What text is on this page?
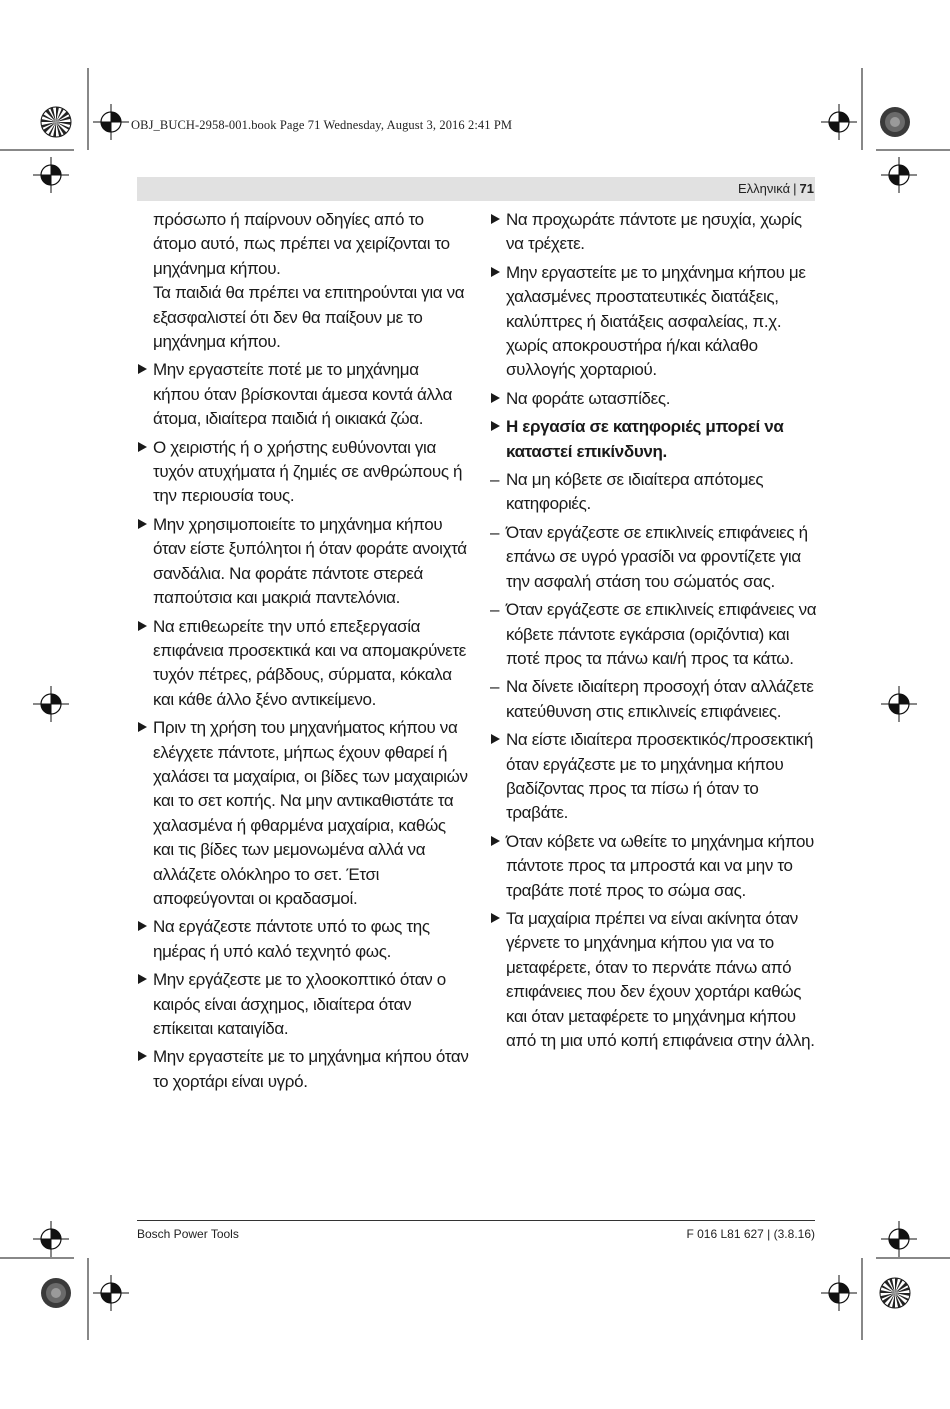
OBJ_BUCH-2958-001.book Page 71 Wednesday, August 3, 2016 2:41 PM
Ελληνικά | 71
πρόσωπο ή παίρνουν οδηγίες από το άτομο αυτό, πως πρέπει να χειρίζονται το μηχάνημα κήπου.
Τα παιδιά θα πρέπει να επιτηρούνται για να εξασφαλιστεί ότι δεν θα παίξουν με το μηχάνημα κήπου.
Μην εργαστείτε ποτέ με το μηχάνημα κήπου όταν βρίσκονται άμεσα κοντά άλλα άτομα, ιδιαίτερα παιδιά ή οικιακά ζώα.
Ο χειριστής ή ο χρήστης ευθύνονται για τυχόν ατυχήματα ή ζημιές σε ανθρώπους ή την περιουσία τους.
Μην χρησιμοποιείτε το μηχάνημα κήπου όταν είστε ξυπόλητοι ή όταν φοράτε ανοιχτά σανδάλια. Να φοράτε πάντοτε στερεά παπούτσια και μακριά παντελόνια.
Να επιθεωρείτε την υπό επεξεργασία επιφάνεια προσεκτικά και να απομακρύνετε τυχόν πέτρες, ράβδους, σύρματα, κόκαλα και κάθε άλλο ξένο αντικείμενο.
Πριν τη χρήση του μηχανήματος κήπου να ελέγχετε πάντοτε, μήπως έχουν φθαρεί ή χαλάσει τα μαχαίρια, οι βίδες των μαχαιριών και το σετ κοπής. Να μην αντικαθιστάτε τα χαλασμένα ή φθαρμένα μαχαίρια, καθώς και τις βίδες των μεμονωμένα αλλά να αλλάζετε ολόκληρο το σετ. Έτσι αποφεύγονται οι κραδασμοί.
Να εργάζεστε πάντοτε υπό το φως της ημέρας ή υπό καλό τεχνητό φως.
Μην εργάζεστε με το χλοοκοπτικό όταν ο καιρός είναι άσχημος, ιδιαίτερα όταν επίκειται καταιγίδα.
Μην εργαστείτε με το μηχάνημα κήπου όταν το χορτάρι είναι υγρό.
Να προχωράτε πάντοτε με ησυχία, χωρίς να τρέχετε.
Μην εργαστείτε με το μηχάνημα κήπου με χαλασμένες προστατευτικές διατάξεις, καλύπτρες ή διατάξεις ασφαλείας, π.χ. χωρίς αποκρουστήρα ή/και κάλαθο συλλογής χορταριού.
Να φοράτε ωτασπίδες.
Η εργασία σε κατηφοριές μπορεί να καταστεί επικίνδυνη.
– Να μη κόβετε σε ιδιαίτερα απότομες κατηφοριές.
– Όταν εργάζεστε σε επικλινείς επιφάνειες ή επάνω σε υγρό γρασίδι να φροντίζετε για την ασφαλή στάση του σώματός σας.
– Όταν εργάζεστε σε επικλινείς επιφάνειες να κόβετε πάντοτε εγκάρσια (οριζόντια) και ποτέ προς τα πάνω και/ή προς τα κάτω.
– Να δίνετε ιδιαίτερη προσοχή όταν αλλάζετε κατεύθυνση στις επικλινείς επιφάνειες.
Να είστε ιδιαίτερα προσεκτικός/προσεκτική όταν εργάζεστε με το μηχάνημα κήπου βαδίζοντας προς τα πίσω ή όταν το τραβάτε.
Όταν κόβετε να ωθείτε το μηχάνημα κήπου πάντοτε προς τα μπροστά και να μην το τραβάτε ποτέ προς το σώμα σας.
Τα μαχαίρια πρέπει να είναι ακίνητα όταν γέρνετε το μηχάνημα κήπου για να το μεταφέρετε, όταν το περνάτε πάνω από επιφάνειες που δεν έχουν χορτάρι καθώς και όταν μεταφέρετε το μηχάνημα κήπου από τη μια υπό κοπή επιφάνεια στην άλλη.
Bosch Power Tools	F 016 L81 627 | (3.8.16)
